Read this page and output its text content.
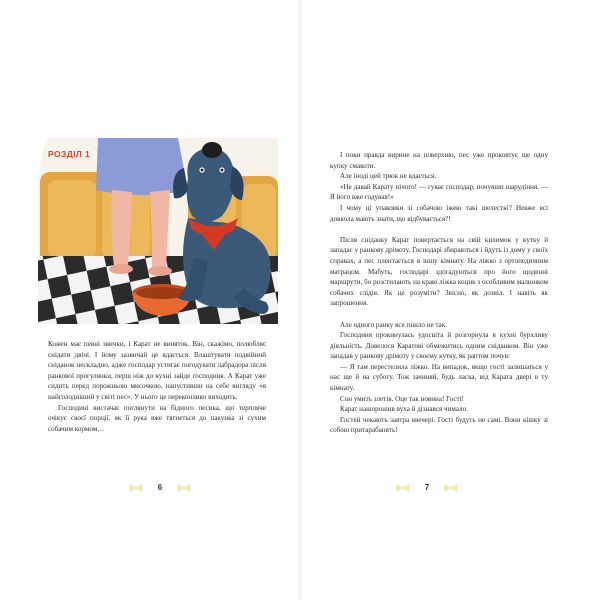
РОЗДІЛ 1

Кожен має певні звички, і Карат не виняток. Він, скажімо, полюбляє снідати двічі. І йому зазвичай це вдається. Влаштувати подвійний сніданок нескладно, адже господар устигає погодувати лабрадора після ранкової прогулянки, перш ніж до кухні зайде господиня. А Карат уже сидить перед порожньою мисочкою, напустивши на себе вигляду «я найголодніший у світі пес». У нього це переконливо виходить.

Господині вистачає поглянути на бідного песика, що терпляче очікує своєї порції, як її рука вже тягнеться до пакунка зі сухим собачим кормом…

6

І поки правда вирине на поверхню, пес уже проковтує ще одну купку смакоти.

Але іноді цей трюк не вдається.

«Не давай Карату нічого! — гукає господар, почувши шарудіння. — Я його вже годував!»

І чому ці упаковки зі собачою їжею такі шелесткі? Невже всі довкола мають знати, що відбувається?!

Після сніданку Карат повертається на свій килимок у кутку й западає у ранкову дрімоту. Господарі збираються і йдуть із дому у своїх справах, а пес плентається в іншу кімнату. На ліжко з ортопедичним матрацом. Мабуть, господарі здогадуються про його щоденні маршрути, бо розстилають на краю ліжка коцик з особливим малюнком собачих слідів. Як це розуміти? Звісно, як дозвіл. І навіть як запрошення.

Але одного ранку все пішло не так.

Господиня прокинулась удосвіта й розгорнула в кухні бурхливу діяльність. Довелося Каратові обмежитись одним сніданком. Він уже западав у ранкову дрімоту у своєму кутку, як раптом почув:

— Я там перестелила ліжко. На випадок, якщо гості залишаться у нас ще й на суботу. Тож зачиняй, будь ласка, від Карата двері в ту кімнату.

Сон умить злетів. Оце так новина! Гості!

Карат нашорошив вуха й дізнався чимало.

Гостей чекають завтра ввечері. Гості будуть не самі. Вони кішку зі собою притарабанять!

7
